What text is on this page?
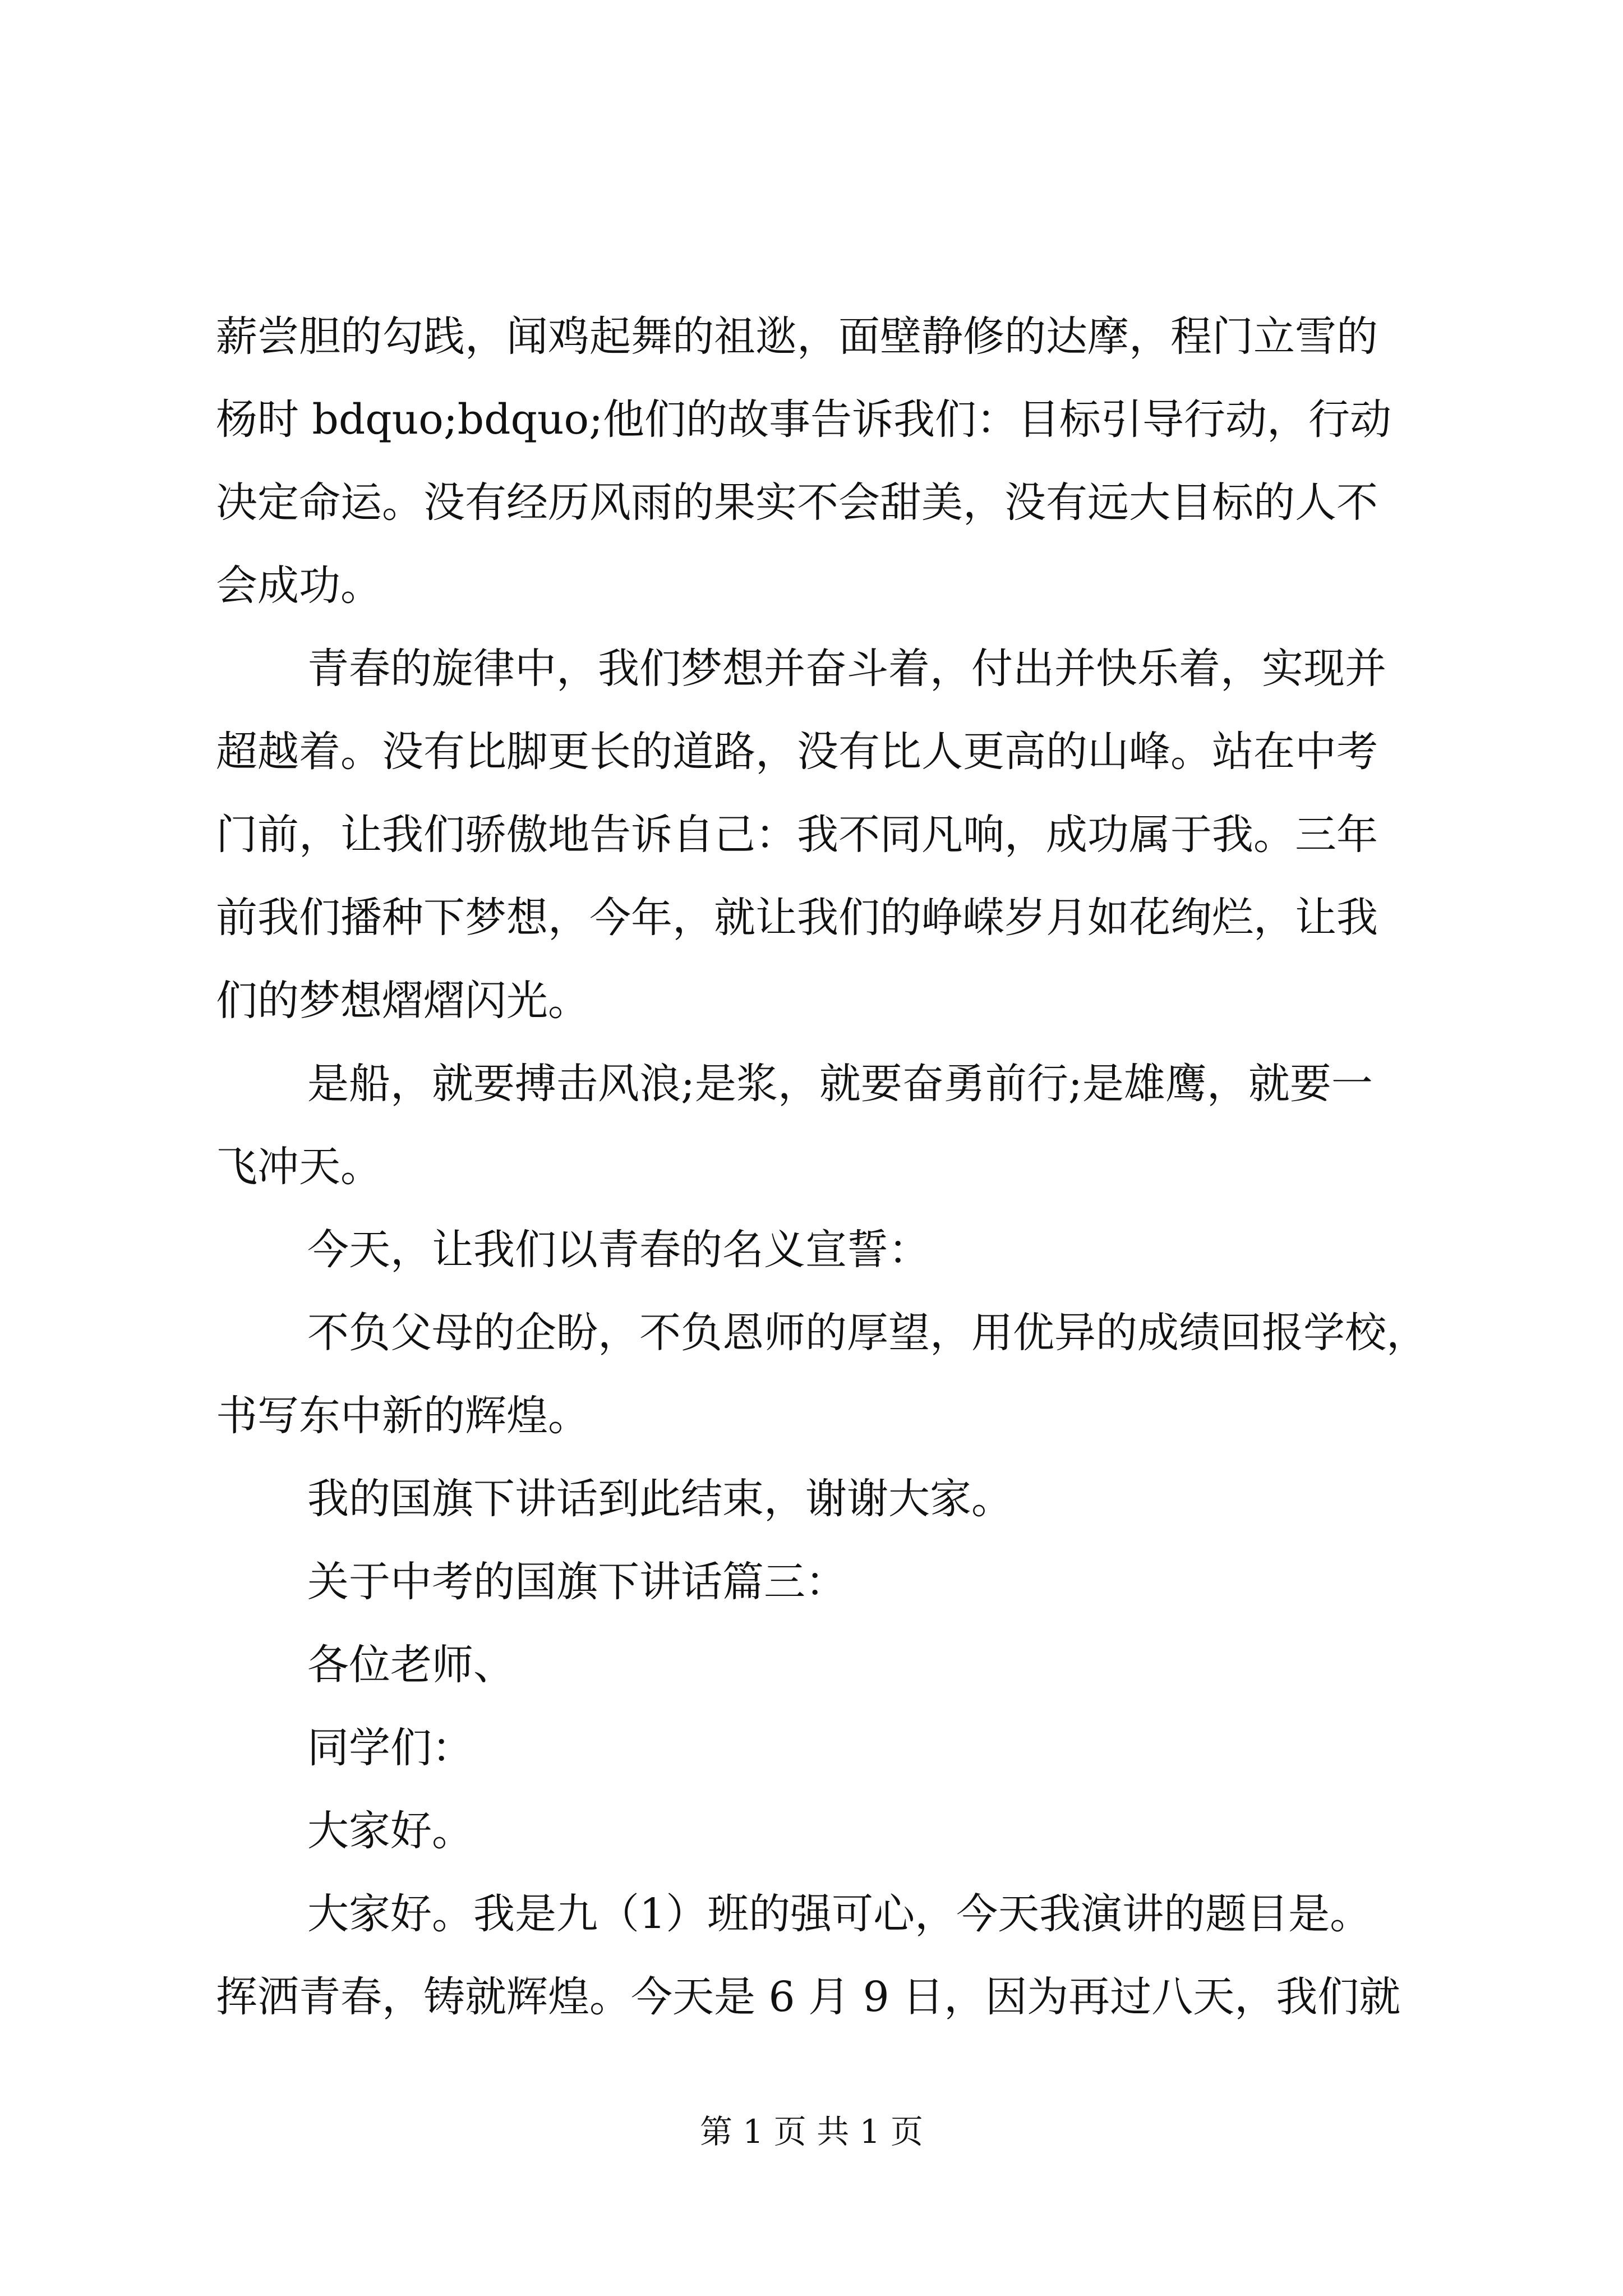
薪尝胆的勾践，闻鸡起舞的祖逖，面壁静修的达摩，程门立雪的
杨时 bdquo;bdquo;他们的故事告诉我们：目标引导行动，行动
决定命运。没有经历风雨的果实不会甜美，没有远大目标的人不
会成功。
青春的旋律中，我们梦想并奋斗着，付出并快乐着，实现并
超越着。没有比脚更长的道路，没有比人更高的山峰。站在中考
门前，让我们骄傲地告诉自己：我不同凡响，成功属于我。三年
前我们播种下梦想，今年，就让我们的峥嵘岁月如花绚烂，让我
们的梦想熠熠闪光。
是船，就要搏击风浪;是浆，就要奋勇前行;是雄鹰，就要一
飞冲天。
今天，让我们以青春的名义宣誓：
不负父母的企盼，不负恩师的厚望，用优异的成绩回报学校，
书写东中新的辉煌。
我的国旗下讲话到此结束，谢谢大家。
关于中考的国旗下讲话篇三：
各位老师、
同学们：
大家好。
大家好。我是九（1）班的强可心，今天我演讲的题目是。
挥洒青春，铸就辉煌。今天是 6 月 9 日，因为再过八天，我们就
第 1 页 共 1 页
